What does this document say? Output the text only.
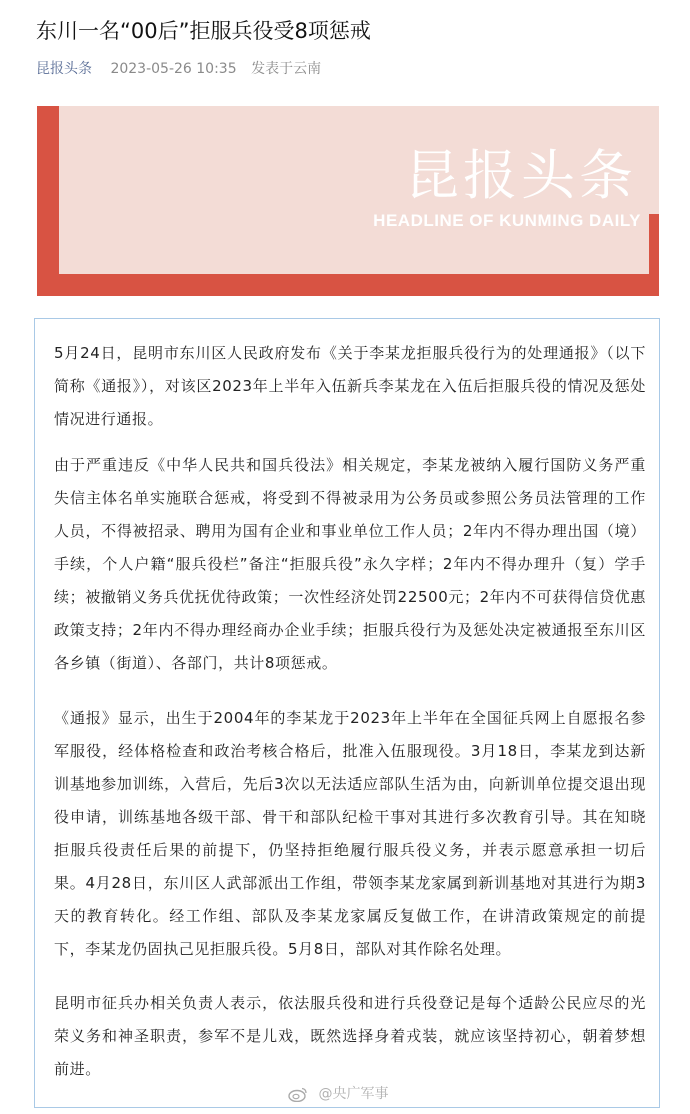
东川一名“00后”拒服兵役受8项惩戒
昆报头条 2023-05-26 10:35 发表于云南
昆报头条
HEADLINE OF KUNMING DAILY

5月24日，昆明市东川区人民政府发布《关于李某龙拒服兵役行为的处理通报》（以下简称《通报》），对该区2023年上半年入伍新兵李某龙在入伍后拒服兵役的情况及惩处情况进行通报。

由于严重违反《中华人民共和国兵役法》相关规定，李某龙被纳入履行国防义务严重失信主体名单实施联合惩戒，将受到不得被录用为公务员或参照公务员法管理的工作人员，不得被招录、聘用为国有企业和事业单位工作人员；2年内不得办理出国（境）手续，个人户籍“服兵役栏”备注“拒服兵役”永久字样；2年内不得办理升（复）学手续；被撤销义务兵优抚优待政策；一次性经济处罚22500元；2年内不可获得信贷优惠政策支持；2年内不得办理经商办企业手续；拒服兵役行为及惩处决定被通报至东川区各乡镇（街道）、各部门，共计8项惩戒。

《通报》显示，出生于2004年的李某龙于2023年上半年在全国征兵网上自愿报名参军服役，经体格检查和政治考核合格后，批准入伍服现役。3月18日，李某龙到达新训基地参加训练，入营后，先后3次以无法适应部队生活为由，向新训单位提交退出现役申请，训练基地各级干部、骨干和部队纪检干事对其进行多次教育引导。其在知晓拒服兵役责任后果的前提下，仍坚持拒绝履行服兵役义务，并表示愿意承担一切后果。4月28日，东川区人武部派出工作组，带领李某龙家属到新训基地对其进行为期3天的教育转化。经工作组、部队及李某龙家属反复做工作，在讲清政策规定的前提下，李某龙仍固执己见拒服兵役。5月8日，部队对其作除名处理。

昆明市征兵办相关负责人表示，依法服兵役和进行兵役登记是每个适龄公民应尽的光荣义务和神圣职责，参军不是儿戏，既然选择身着戎装，就应该坚持初心，朝着梦想前进。

@央广军事
